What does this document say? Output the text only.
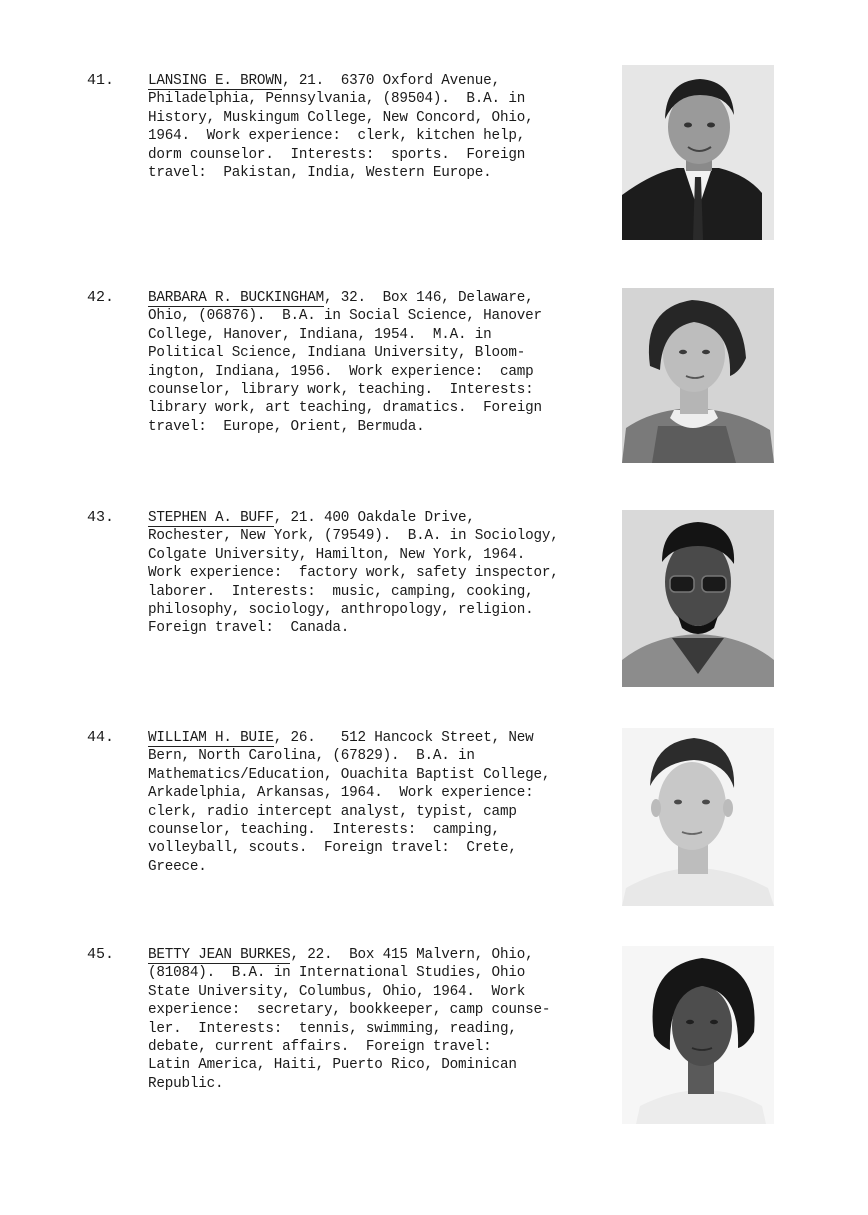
41. LANSING E. BROWN, 21.  6370 Oxford Avenue,
Philadelphia, Pennsylvania, (89504).  B.A. in
History, Muskingum College, New Concord, Ohio,
1964.  Work experience:  clerk, kitchen help,
dorm counselor.  Interests:  sports.  Foreign
travel:  Pakistan, India, Western Europe.
42. BARBARA R. BUCKINGHAM, 32.  Box 146, Delaware,
Ohio, (06876).  B.A. in Social Science, Hanover
College, Hanover, Indiana, 1954.  M.A. in
Political Science, Indiana University, Bloom-
ington, Indiana, 1956.  Work experience:  camp
counselor, library work, teaching.  Interests:
library work, art teaching, dramatics.  Foreign
travel:  Europe, Orient, Bermuda.
43. STEPHEN A. BUFF, 21. 400 Oakdale Drive,
Rochester, New York, (79549).  B.A. in Sociology,
Colgate University, Hamilton, New York, 1964.
Work experience:  factory work, safety inspector,
laborer.  Interests:  music, camping, cooking,
philosophy, sociology, anthropology, religion.
Foreign travel:  Canada.
44. WILLIAM H. BUIE, 26.   512 Hancock Street, New
Bern, North Carolina, (67829).  B.A. in
Mathematics/Education, Ouachita Baptist College,
Arkadelphia, Arkansas, 1964.  Work experience:
clerk, radio intercept analyst, typist, camp
counselor, teaching.  Interests:  camping,
volleyball, scouts.  Foreign travel:  Crete,
Greece.
45. BETTY JEAN BURKES, 22.  Box 415 Malvern, Ohio,
(81084).  B.A. in International Studies, Ohio
State University, Columbus, Ohio, 1964.  Work
experience:  secretary, bookkeeper, camp counse-
ler.  Interests:  tennis, swimming, reading,
debate, current affairs.  Foreign travel:
Latin America, Haiti, Puerto Rico, Dominican
Republic.
